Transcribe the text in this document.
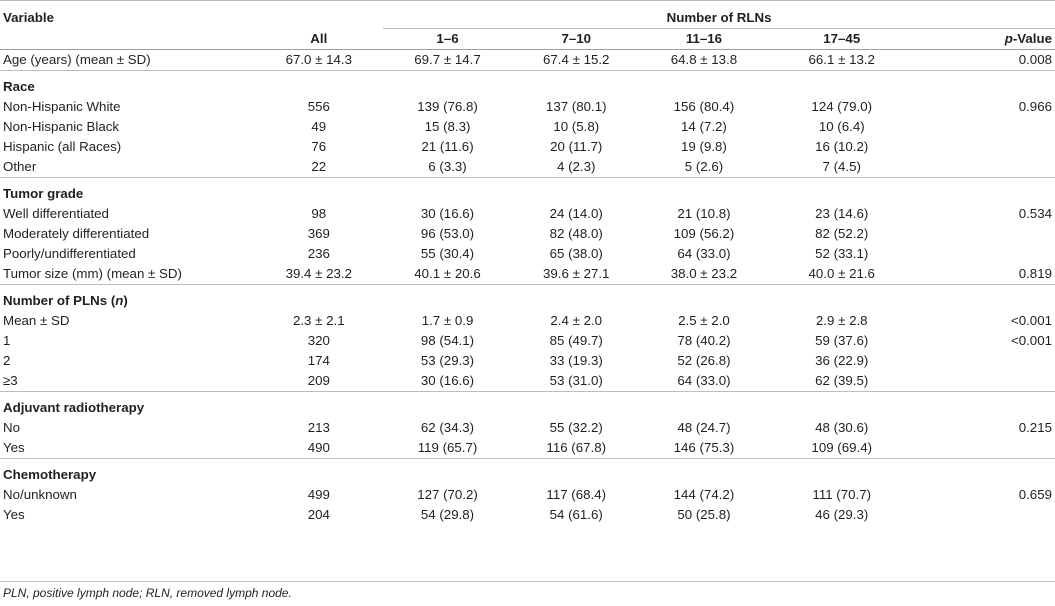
Variable		Number of RLNs				
	All	1–6	7–10	11–16	17–45	p-Value
Age (years) (mean ± SD)	67.0 ± 14.3	69.7 ± 14.7	67.4 ± 15.2	64.8 ± 13.8	66.1 ± 13.2	0.008
Race						
Non-Hispanic White	556	139 (76.8)	137 (80.1)	156 (80.4)	124 (79.0)	0.966
Non-Hispanic Black	49	15 (8.3)	10 (5.8)	14 (7.2)	10 (6.4)	
Hispanic (all Races)	76	21 (11.6)	20 (11.7)	19 (9.8)	16 (10.2)	
Other	22	6 (3.3)	4 (2.3)	5 (2.6)	7 (4.5)	
Tumor grade						
Well differentiated	98	30 (16.6)	24 (14.0)	21 (10.8)	23 (14.6)	0.534
Moderately differentiated	369	96 (53.0)	82 (48.0)	109 (56.2)	82 (52.2)	
Poorly/undifferentiated	236	55 (30.4)	65 (38.0)	64 (33.0)	52 (33.1)	
Tumor size (mm) (mean ± SD)	39.4 ± 23.2	40.1 ± 20.6	39.6 ± 27.1	38.0 ± 23.2	40.0 ± 21.6	0.819
Number of PLNs (n)						
Mean ± SD	2.3 ± 2.1	1.7 ± 0.9	2.4 ± 2.0	2.5 ± 2.0	2.9 ± 2.8	<0.001
1	320	98 (54.1)	85 (49.7)	78 (40.2)	59 (37.6)	<0.001
2	174	53 (29.3)	33 (19.3)	52 (26.8)	36 (22.9)	
≥3	209	30 (16.6)	53 (31.0)	64 (33.0)	62 (39.5)	
Adjuvant radiotherapy						
No	213	62 (34.3)	55 (32.2)	48 (24.7)	48 (30.6)	0.215
Yes	490	119 (65.7)	116 (67.8)	146 (75.3)	109 (69.4)	
Chemotherapy						
No/unknown	499	127 (70.2)	117 (68.4)	144 (74.2)	111 (70.7)	0.659
Yes	204	54 (29.8)	54 (61.6)	50 (25.8)	46 (29.3)	
PLN, positive lymph node; RLN, removed lymph node.
